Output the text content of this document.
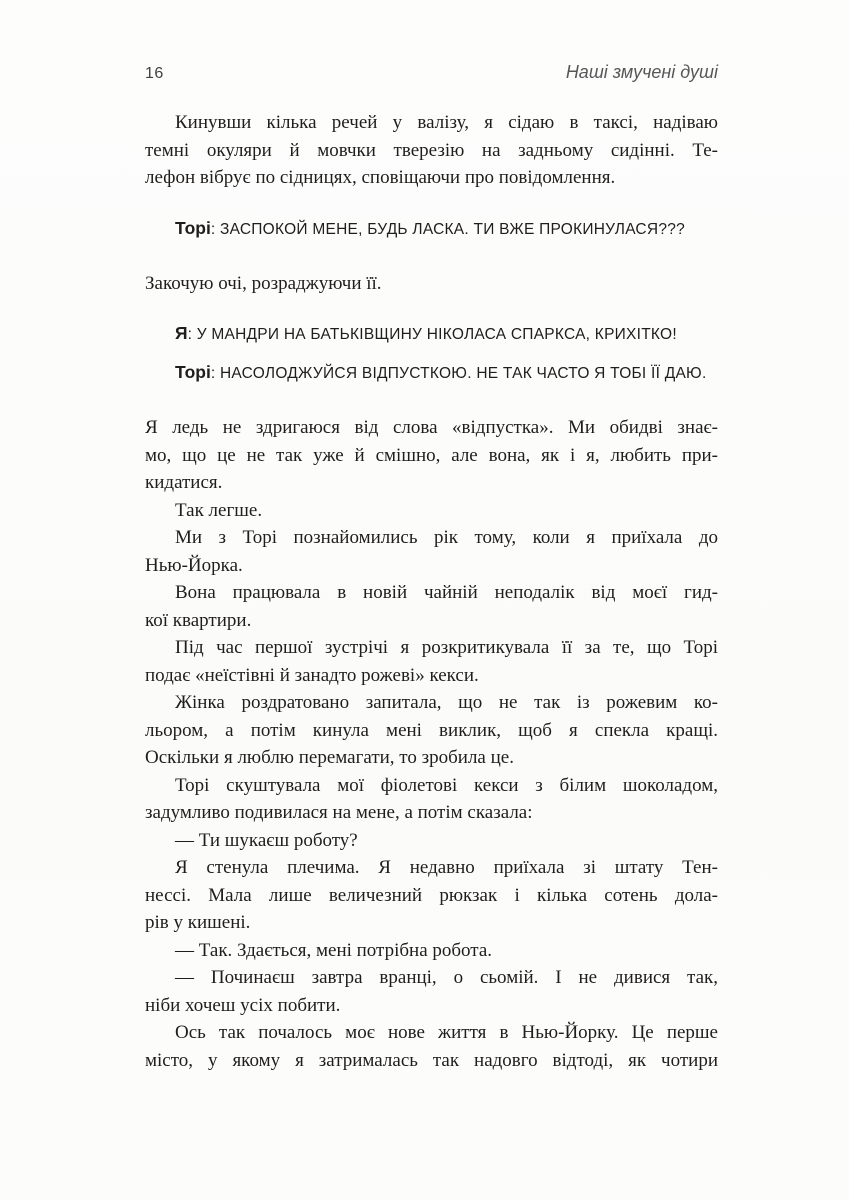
16	Наші змучені душі
Кинувши кілька речей у валізу, я сідаю в таксі, надіваю
темні окуляри й мовчки тверезію на задньому сидінні. Те-
лефон вібрує по сідницях, сповіщаючи про повідомлення.
Торі: ЗАСПОКОЙ МЕНЕ, БУДЬ ЛАСКА. ТИ ВЖЕ ПРОКИНУЛАСЯ???
Закочую очі, розраджуючи її.
Я: У МАНДРИ НА БАТЬКІВЩИНУ НІКОЛАСА СПАРКСА, КРИХІТКО!
Торі: НАСОЛОДЖУЙСЯ ВІДПУСТКОЮ. НЕ ТАК ЧАСТО Я ТОБІ ЇЇ ДАЮ.
Я ледь не здригаюся від слова «відпустка». Ми обидві знає-
мо, що це не так уже й смішно, але вона, як і я, любить при-
кидатися.
Так легше.
Ми з Торі познайомились рік тому, коли я приїхала до
Нью-Йорка.
Вона працювала в новій чайній неподалік від моєї гид-
кої квартири.
Під час першої зустрічі я розкритикувала її за те, що Торі
подає «неїстівні й занадто рожеві» кекси.
Жінка роздратовано запитала, що не так із рожевим ко-
льором, а потім кинула мені виклик, щоб я спекла кращі.
Оскільки я люблю перемагати, то зробила це.
Торі скуштувала мої фіолетові кекси з білим шоколадом,
задумливо подивилася на мене, а потім сказала:
— Ти шукаєш роботу?
Я стенула плечима. Я недавно приїхала зі штату Тен-
нессі. Мала лише величезний рюкзак і кілька сотень дола-
рів у кишені.
— Так. Здається, мені потрібна робота.
— Починаєш завтра вранці, о сьомій. І не дивися так,
ніби хочеш усіх побити.
Ось так почалось моє нове життя в Нью-Йорку. Це перше
місто, у якому я затрималась так надовго відтоді, як чотири
